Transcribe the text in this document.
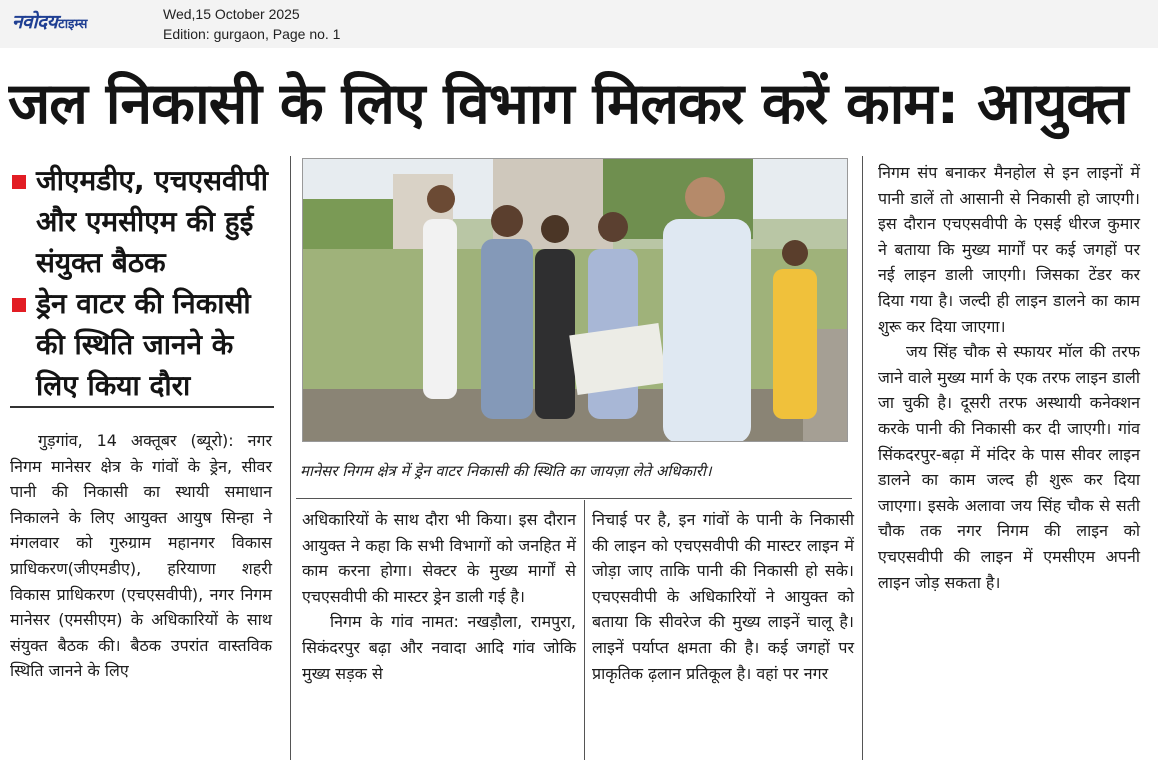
नवोदय टाइम्स
Wed,15 October 2025
Edition: gurgaon, Page no. 1
जल निकासी के लिए विभाग मिलकर करें काम: आयुक्त
जीएमडीए, एचएसवीपी और एमसीएम की हुई संयुक्त बैठक
ड्रेन वाटर की निकासी की स्थिति जानने के लिए किया दौरा

गुड़गांव, 14 अक्तूबर (ब्यूरो): नगर निगम मानेसर क्षेत्र के गांवों के ड्रेन, सीवर पानी की निकासी का स्थायी समाधान निकालने के लिए आयुक्त आयुष सिन्हा ने मंगलवार को गुरुग्राम महानगर विकास प्राधिकरण(जीएमडीए), हरियाणा शहरी विकास प्राधिकरण (एचएसवीपी), नगर निगम मानेसर (एमसीएम) के अधिकारियों के साथ संयुक्त बैठक की। बैठक उपरांत वास्तविक स्थिति जानने के लिए

मानेसर निगम क्षेत्र में ड्रेन वाटर निकासी की स्थिति का जायज़ा लेते अधिकारी।

अधिकारियों के साथ दौरा भी किया। इस दौरान आयुक्त ने कहा कि सभी विभागों को जनहित में काम करना होगा। सेक्टर के मुख्य मार्गों से एचएसवीपी की मास्टर ड्रेन डाली गई है।

निगम के गांव नामत: नखड़ौला, रामपुरा, सिकंदरपुर बढ़ा और नवादा आदि गांव जोकि मुख्य सड़क से

निचाई पर है, इन गांवों के पानी के निकासी की लाइन को एचएसवीपी की मास्टर लाइन में जोड़ा जाए ताकि पानी की निकासी हो सके। एचएसवीपी के अधिकारियों ने आयुक्त को बताया कि सीवरेज की मुख्य लाइनें चालू है। लाइनें पर्याप्त क्षमता की है। कई जगहों पर प्राकृतिक ढ़लान प्रतिकूल है। वहां पर नगर

निगम संप बनाकर मैनहोल से इन लाइनों में पानी डालें तो आसानी से निकासी हो जाएगी। इस दौरान एचएसवीपी के एसई धीरज कुमार ने बताया कि मुख्य मार्गों पर कई जगहों पर नई लाइन डाली जाएगी। जिसका टेंडर कर दिया गया है। जल्दी ही लाइन डालने का काम शुरू कर दिया जाएगा।

जय सिंह चौक से स्फायर मॉल की तरफ जाने वाले मुख्य मार्ग के एक तरफ लाइन डाली जा चुकी है। दूसरी तरफ अस्थायी कनेक्शन करके पानी की निकासी कर दी जाएगी। गांव सिंकदरपुर-बढ़ा में मंदिर के पास सीवर लाइन डालने का काम जल्द ही शुरू कर दिया जाएगा। इसके अलावा जय सिंह चौक से सती चौक तक नगर निगम की लाइन को एचएसवीपी की लाइन में एमसीएम अपनी लाइन जोड़ सकता है।
